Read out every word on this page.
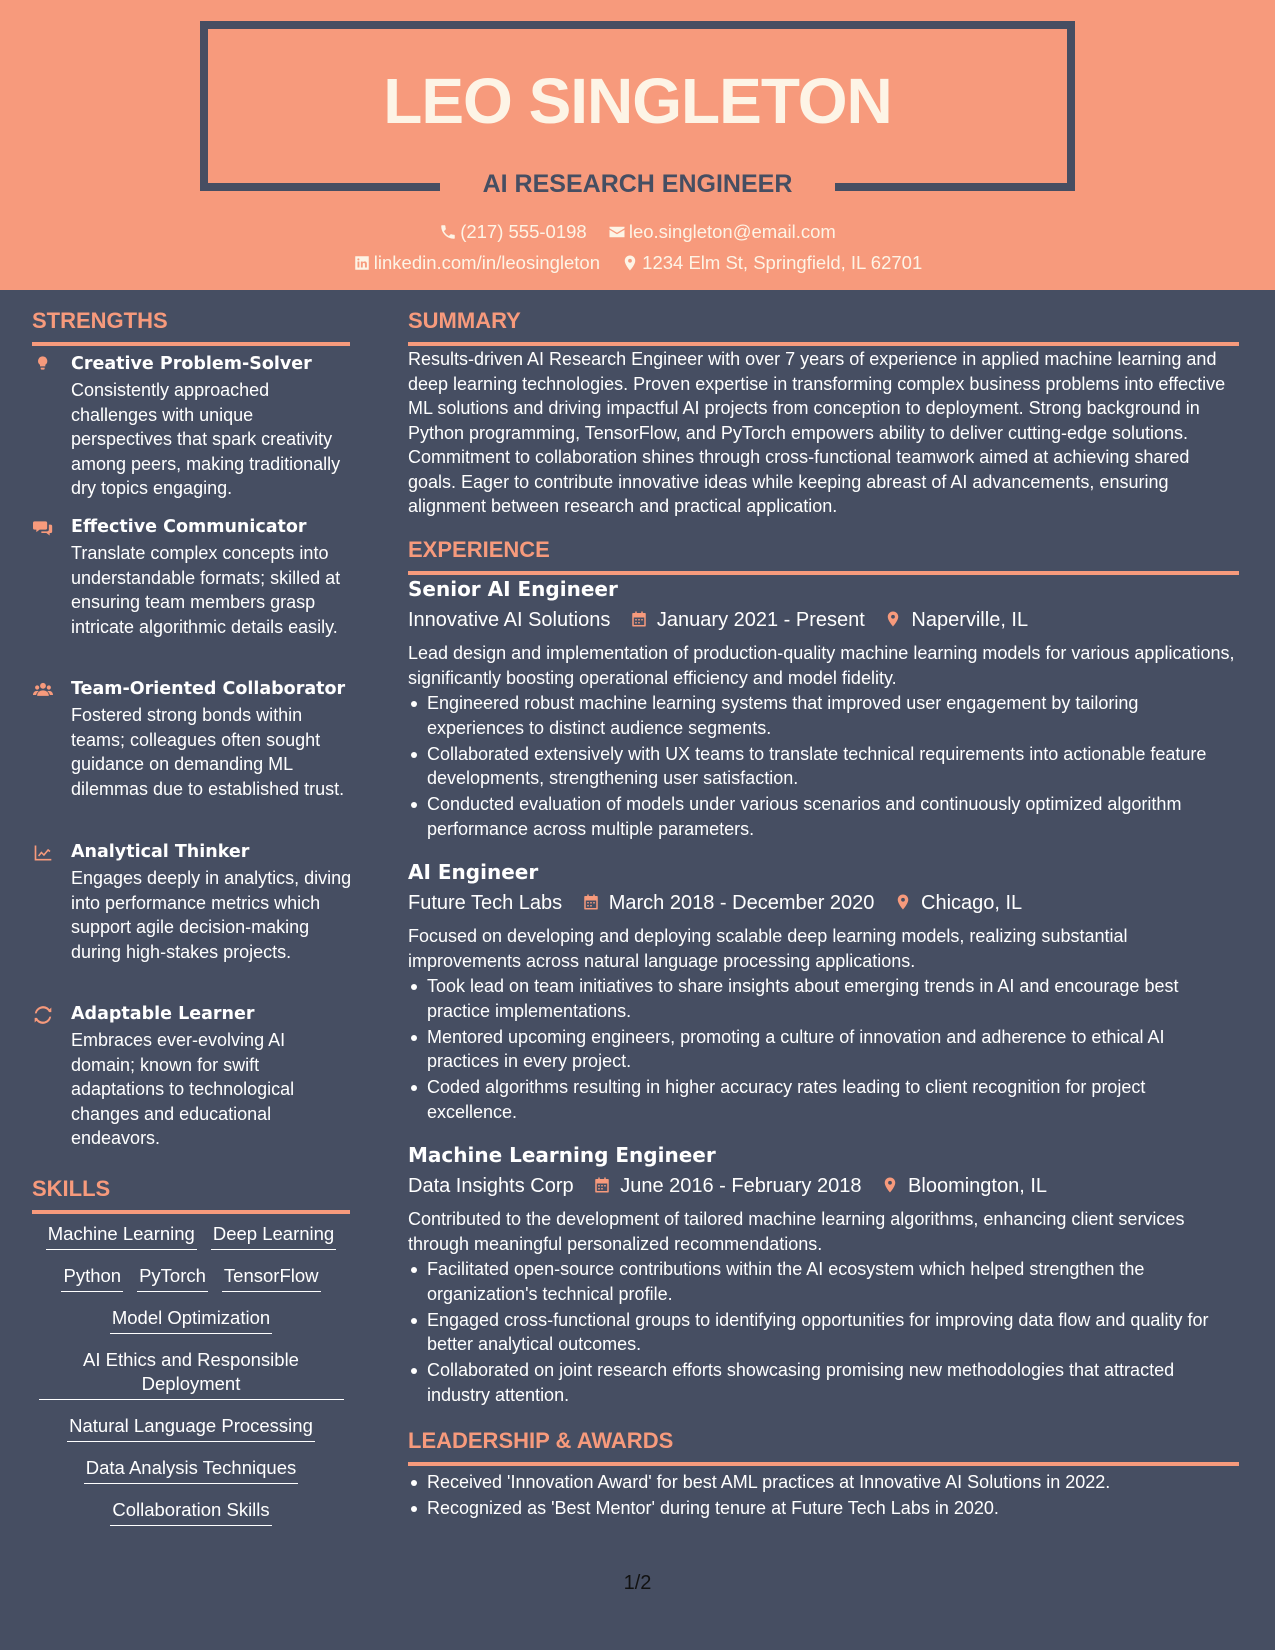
LEO SINGLETON
AI RESEARCH ENGINEER
(217) 555-0198 leo.singleton@email.com
linkedin.com/in/leosingleton 1234 Elm St, Springfield, IL 62701
STRENGTHS
Creative Problem-Solver
Consistently approached challenges with unique perspectives that spark creativity among peers, making traditionally dry topics engaging.
Effective Communicator
Translate complex concepts into understandable formats; skilled at ensuring team members grasp intricate algorithmic details easily.
Team-Oriented Collaborator
Fostered strong bonds within teams; colleagues often sought guidance on demanding ML dilemmas due to established trust.
Analytical Thinker
Engages deeply in analytics, diving into performance metrics which support agile decision-making during high-stakes projects.
Adaptable Learner
Embraces ever-evolving AI domain; known for swift adaptations to technological changes and educational endeavors.
SKILLS
Machine Learning Deep Learning
Python PyTorch TensorFlow
Model Optimization
AI Ethics and Responsible Deployment
Natural Language Processing
Data Analysis Techniques
Collaboration Skills
SUMMARY

Results-driven AI Research Engineer with over 7 years of experience in applied machine learning and deep learning technologies. Proven expertise in transforming complex business problems into effective ML solutions and driving impactful AI projects from conception to deployment. Strong background in Python programming, TensorFlow, and PyTorch empowers ability to deliver cutting-edge solutions. Commitment to collaboration shines through cross-functional teamwork aimed at achieving shared goals. Eager to contribute innovative ideas while keeping abreast of AI advancements, ensuring alignment between research and practical application.

EXPERIENCE
Senior AI Engineer
Innovative AI Solutions January 2021 - Present Naperville, IL

Lead design and implementation of production-quality machine learning models for various applications, significantly boosting operational efficiency and model fidelity.

Engineered robust machine learning systems that improved user engagement by tailoring experiences to distinct audience segments.
Collaborated extensively with UX teams to translate technical requirements into actionable feature developments, strengthening user satisfaction.
Conducted evaluation of models under various scenarios and continuously optimized algorithm performance across multiple parameters.
AI Engineer
Future Tech Labs March 2018 - December 2020 Chicago, IL

Focused on developing and deploying scalable deep learning models, realizing substantial improvements across natural language processing applications.

Took lead on team initiatives to share insights about emerging trends in AI and encourage best practice implementations.
Mentored upcoming engineers, promoting a culture of innovation and adherence to ethical AI practices in every project.
Coded algorithms resulting in higher accuracy rates leading to client recognition for project excellence.
Machine Learning Engineer
Data Insights Corp June 2016 - February 2018 Bloomington, IL

Contributed to the development of tailored machine learning algorithms, enhancing client services through meaningful personalized recommendations.

Facilitated open-source contributions within the AI ecosystem which helped strengthen the organization's technical profile.
Engaged cross-functional groups to identifying opportunities for improving data flow and quality for better analytical outcomes.
Collaborated on joint research efforts showcasing promising new methodologies that attracted industry attention.
LEADERSHIP & AWARDS
Received 'Innovation Award' for best AML practices at Innovative AI Solutions in 2022.
Recognized as 'Best Mentor' during tenure at Future Tech Labs in 2020.
1/2
